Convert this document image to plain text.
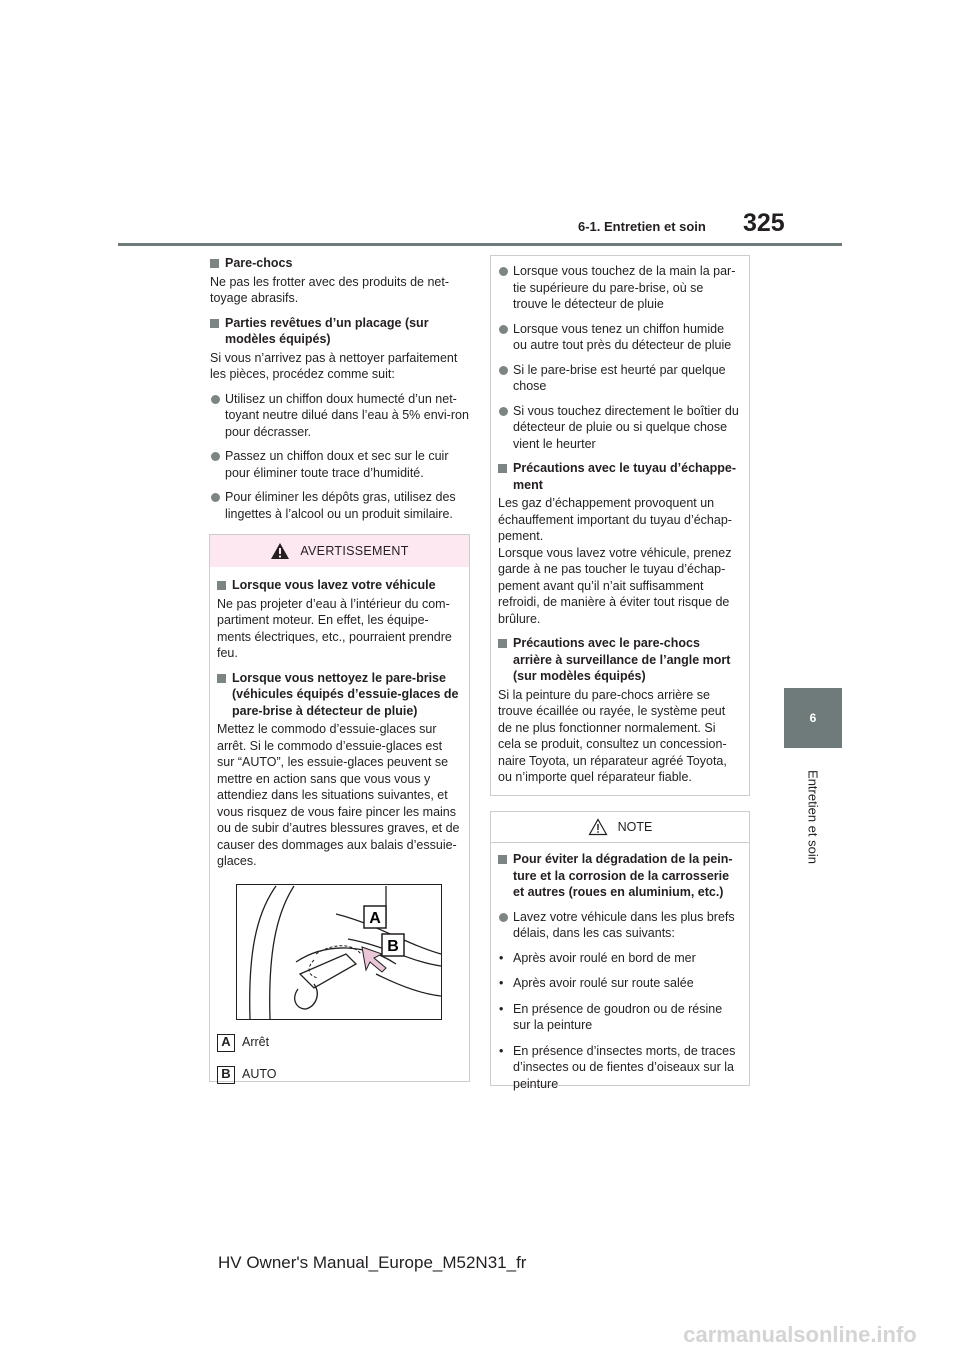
6-1. Entretien et soin 325
6
Entretien et soin
Pare-chocs

Ne pas les frotter avec des produits de net-toyage abrasifs.

Parties revêtues d’un placage (sur modèles équipés)

Si vous n’arrivez pas à nettoyer parfaitement les pièces, procédez comme suit:

Utilisez un chiffon doux humecté d’un net-toyant neutre dilué dans l’eau à 5% envi-ron pour décrasser.
Passez un chiffon doux et sec sur le cuir pour éliminer toute trace d’humidité.
Pour éliminer les dépôts gras, utilisez des lingettes à l’alcool ou un produit similaire.
AVERTISSEMENT
Lorsque vous lavez votre véhicule

Ne pas projeter d’eau à l’intérieur du com-partiment moteur. En effet, les équipe-ments électriques, etc., pourraient prendre feu.

Lorsque vous nettoyez le pare-brise (véhicules équipés d’essuie-glaces de pare-brise à détecteur de pluie)

Mettez le commodo d’essuie-glaces sur arrêt. Si le commodo d’essuie-glaces est sur “AUTO”, les essuie-glaces peuvent se mettre en action sans que vous vous y attendiez dans les situations suivantes, et vous risquez de vous faire pincer les mains ou de subir d’autres blessures graves, et de causer des dommages aux balais d’essuie-glaces.

A
B
A Arrêt
B AUTO
Lorsque vous touchez de la main la par-tie supérieure du pare-brise, où se trouve le détecteur de pluie
Lorsque vous tenez un chiffon humide ou autre tout près du détecteur de pluie
Si le pare-brise est heurté par quelque chose
Si vous touchez directement le boîtier du détecteur de pluie ou si quelque chose vient le heurter
Précautions avec le tuyau d’échappe-ment

Les gaz d’échappement provoquent un échauffement important du tuyau d’échap-pement.

Lorsque vous lavez votre véhicule, prenez garde à ne pas toucher le tuyau d’échap-pement avant qu’il n’ait suffisamment refroidi, de manière à éviter tout risque de brûlure.

Précautions avec le pare-chocs arrière à surveillance de l’angle mort (sur modèles équipés)

Si la peinture du pare-chocs arrière se trouve écaillée ou rayée, le système peut de ne plus fonctionner normalement. Si cela se produit, consultez un concession-naire Toyota, un réparateur agréé Toyota, ou n’importe quel réparateur fiable.

NOTE
Pour éviter la dégradation de la pein-ture et la corrosion de la carrosserie et autres (roues en aluminium, etc.)
Lavez votre véhicule dans les plus brefs délais, dans les cas suivants:
• Après avoir roulé en bord de mer
• Après avoir roulé sur route salée
• En présence de goudron ou de résine sur la peinture
• En présence d’insectes morts, de traces d’insectes ou de fientes d’oiseaux sur la peinture
HV Owner's Manual_Europe_M52N31_fr
carmanualsonline.info
